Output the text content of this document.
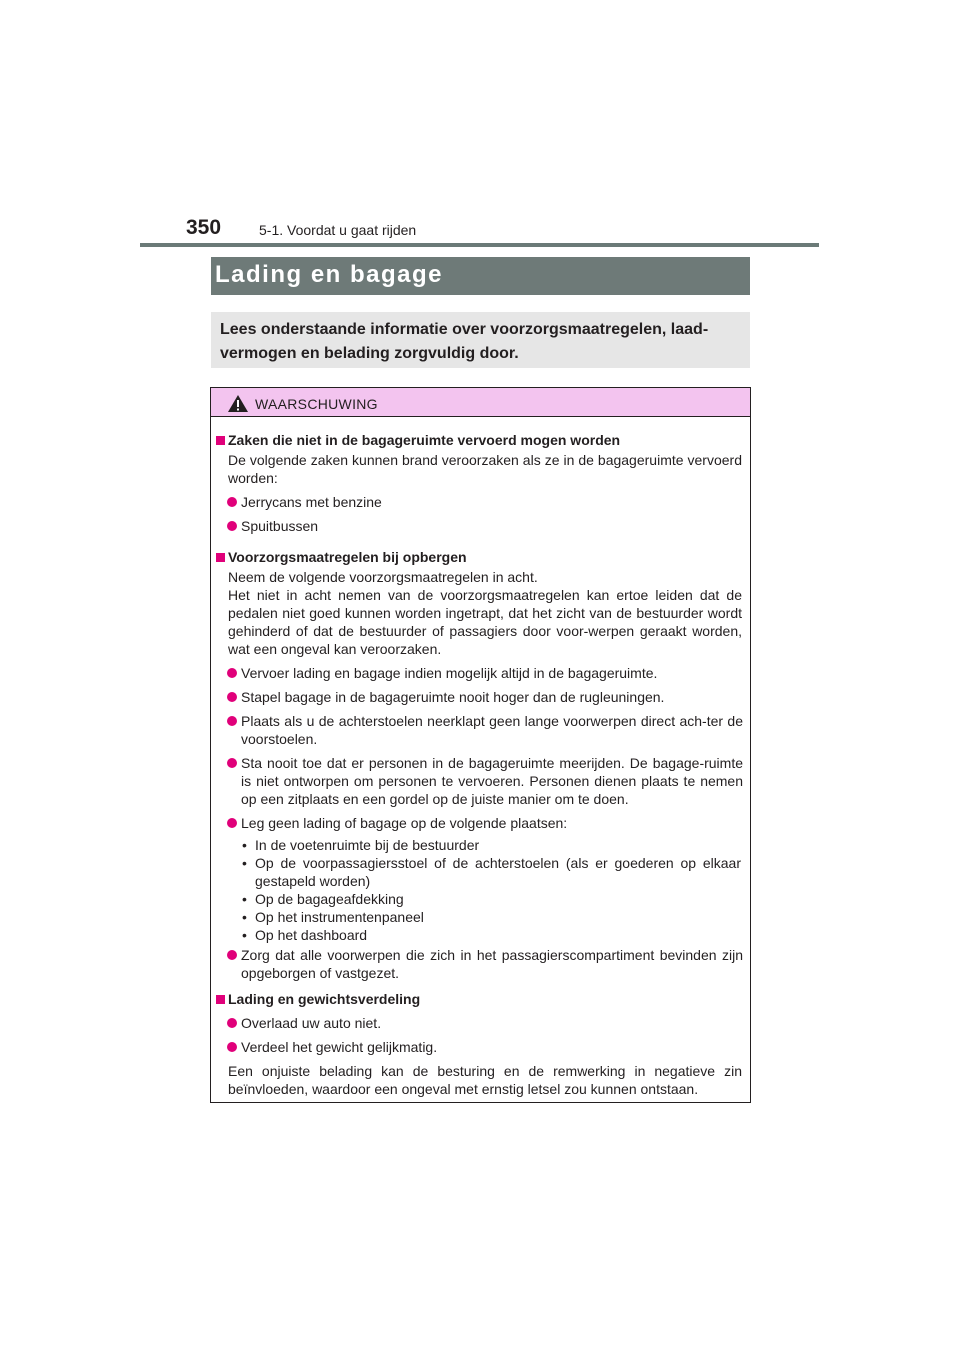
350	5-1. Voordat u gaat rijden
Lading en bagage

Lees onderstaande informatie over voorzorgsmaatregelen, laad-vermogen en belading zorgvuldig door.

WAARSCHUWING
Zaken die niet in de bagageruimte vervoerd mogen worden
De volgende zaken kunnen brand veroorzaken als ze in de bagageruimte vervoerd worden:
Jerrycans met benzine
Spuitbussen
Voorzorgsmaatregelen bij opbergen
Neem de volgende voorzorgsmaatregelen in acht.
Het niet in acht nemen van de voorzorgsmaatregelen kan ertoe leiden dat de pedalen niet goed kunnen worden ingetrapt, dat het zicht van de bestuurder wordt gehinderd of dat de bestuurder of passagiers door voor-werpen geraakt worden, wat een ongeval kan veroorzaken.
Vervoer lading en bagage indien mogelijk altijd in de bagageruimte.
Stapel bagage in de bagageruimte nooit hoger dan de rugleuningen.
Plaats als u de achterstoelen neerklapt geen lange voorwerpen direct ach-ter de voorstoelen.
Sta nooit toe dat er personen in de bagageruimte meerijden. De bagage-ruimte is niet ontworpen om personen te vervoeren. Personen dienen plaats te nemen op een zitplaats en een gordel op de juiste manier om te doen.
Leg geen lading of bagage op de volgende plaatsen:
• In de voetenruimte bij de bestuurder
• Op de voorpassagiersstoel of de achterstoelen (als er goederen op elkaar gestapeld worden)
• Op de bagageafdekking
• Op het instrumentenpaneel
• Op het dashboard
Zorg dat alle voorwerpen die zich in het passagierscompartiment bevinden zijn opgeborgen of vastgezet.
Lading en gewichtsverdeling
Overlaad uw auto niet.
Verdeel het gewicht gelijkmatig.
Een onjuiste belading kan de besturing en de remwerking in negatieve zin beïnvloeden, waardoor een ongeval met ernstig letsel zou kunnen ontstaan.
